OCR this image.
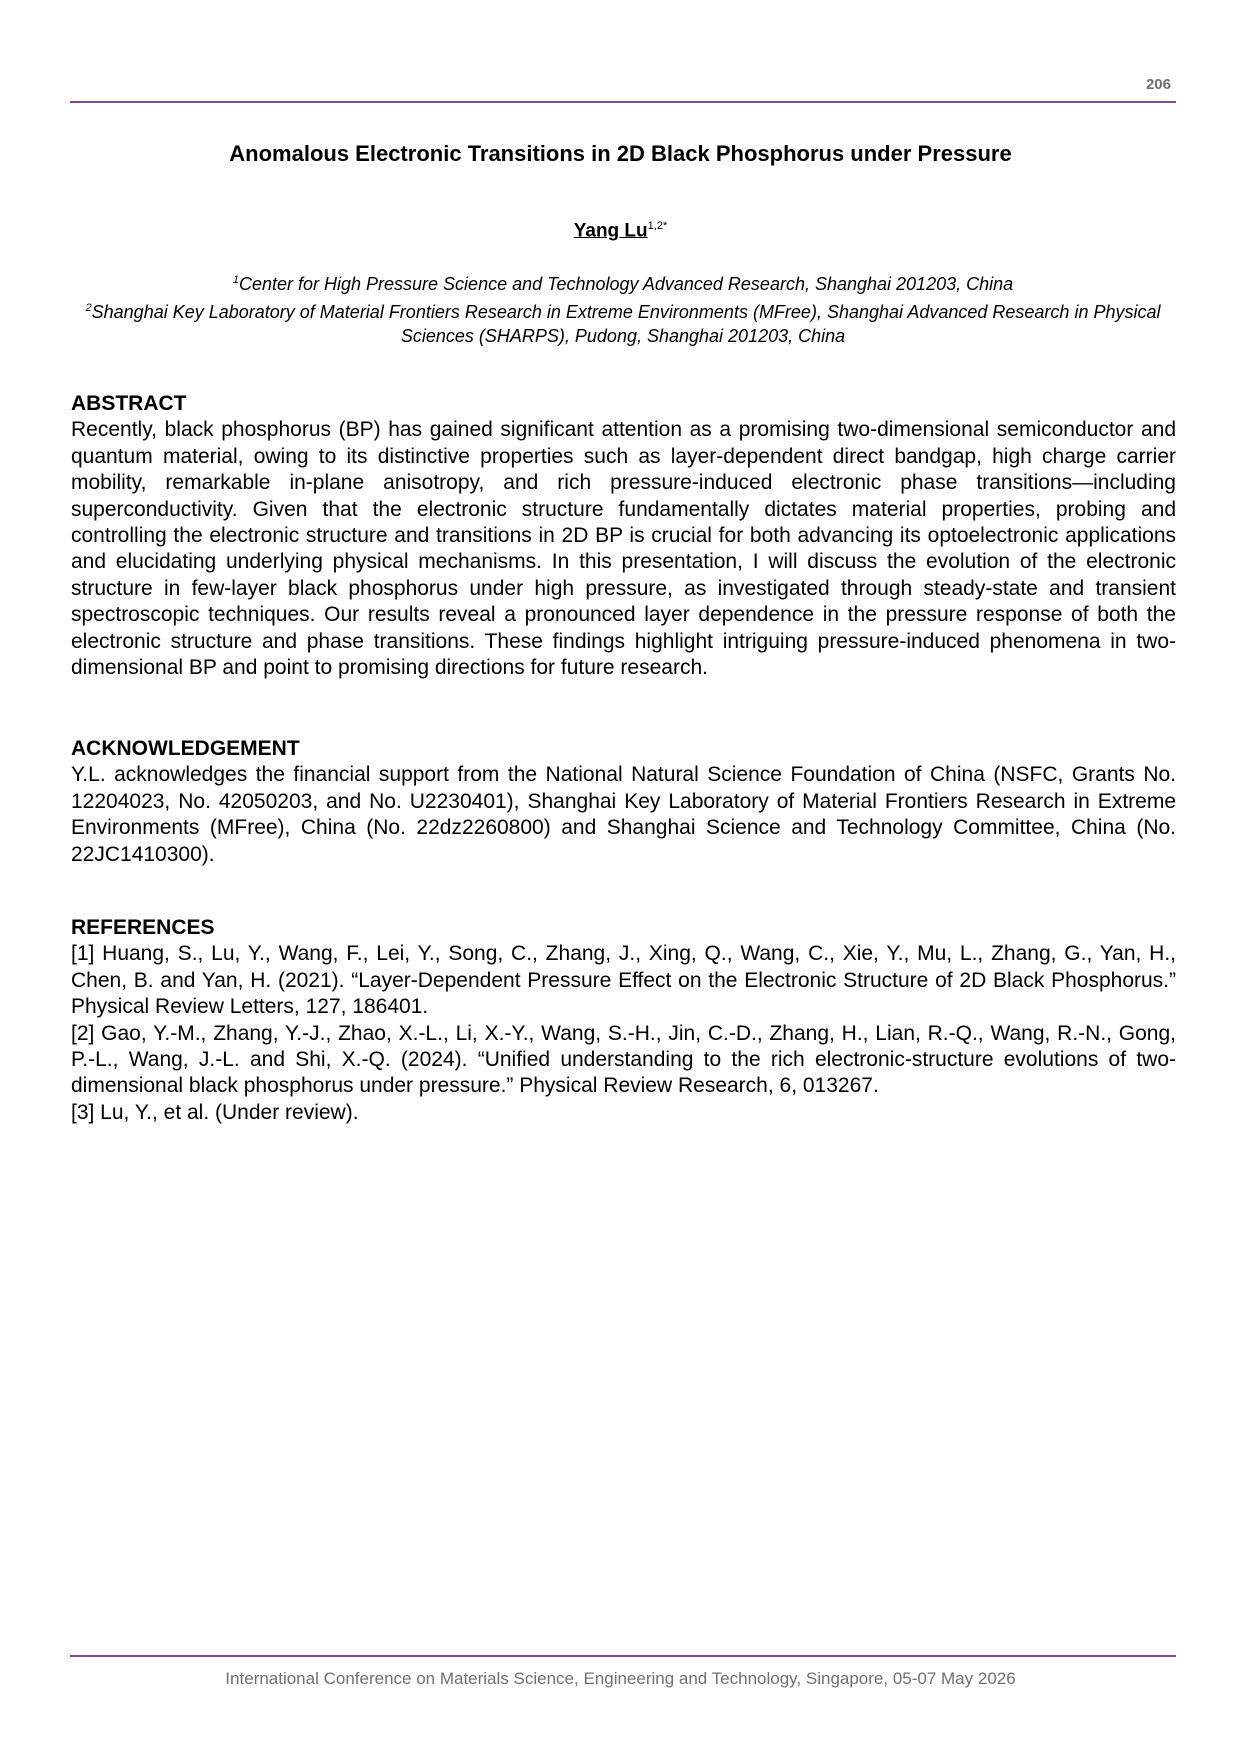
206
Anomalous Electronic Transitions in 2D Black Phosphorus under Pressure
Yang $Lu^{1,2*}$
$^1$Center for High Pressure Science and Technology Advanced Research, Shanghai 201203, China
$^2$Shanghai Key Laboratory of Material Frontiers Research in Extreme Environments (MFree), Shanghai Advanced Research in Physical Sciences (SHARPS), Pudong, Shanghai 201203, China
ABSTRACT

Recently, black phosphorus (BP) has gained significant attention as a promising two-dimensional semiconductor and quantum material, owing to its distinctive properties such as layer-dependent direct bandgap, high charge carrier mobility, remarkable in-plane anisotropy, and rich pressure-induced electronic phase transitions—including superconductivity. Given that the electronic structure fundamentally dictates material properties, probing and controlling the electronic structure and transitions in 2D BP is crucial for both advancing its optoelectronic applications and elucidating underlying physical mechanisms. In this presentation, I will discuss the evolution of the electronic structure in few-layer black phosphorus under high pressure, as investigated through steady-state and transient spectroscopic techniques. Our results reveal a pronounced layer dependence in the pressure response of both the electronic structure and phase transitions. These findings highlight intriguing pressure-induced phenomena in two-dimensional BP and point to promising directions for future research.

ACKNOWLEDGEMENT

Y.L. acknowledges the financial support from the National Natural Science Foundation of China (NSFC, Grants No. 12204023, No. 42050203, and No. U2230401), Shanghai Key Laboratory of Material Frontiers Research in Extreme Environments (MFree), China (No. 22dz2260800) and Shanghai Science and Technology Committee, China (No. 22JC1410300).

REFERENCES

[1] Huang, S., Lu, Y., Wang, F., Lei, Y., Song, C., Zhang, J., Xing, Q., Wang, C., Xie, Y., Mu, L., Zhang, G., Yan, H., Chen, B. and Yan, H. (2021). “Layer-Dependent Pressure Effect on the Electronic Structure of 2D Black Phosphorus.” Physical Review Letters, 127, 186401.

[2] Gao, Y.-M., Zhang, Y.-J., Zhao, X.-L., Li, X.-Y., Wang, S.-H., Jin, C.-D., Zhang, H., Lian, R.-Q., Wang, R.-N., Gong, P.-L., Wang, J.-L. and Shi, X.-Q. (2024). “Unified understanding to the rich electronic-structure evolutions of two-dimensional black phosphorus under pressure.” Physical Review Research, 6, 013267.

[3] Lu, Y., et al. (Under review).

International Conference on Materials Science, Engineering and Technology, Singapore, 05-07 May 2026
